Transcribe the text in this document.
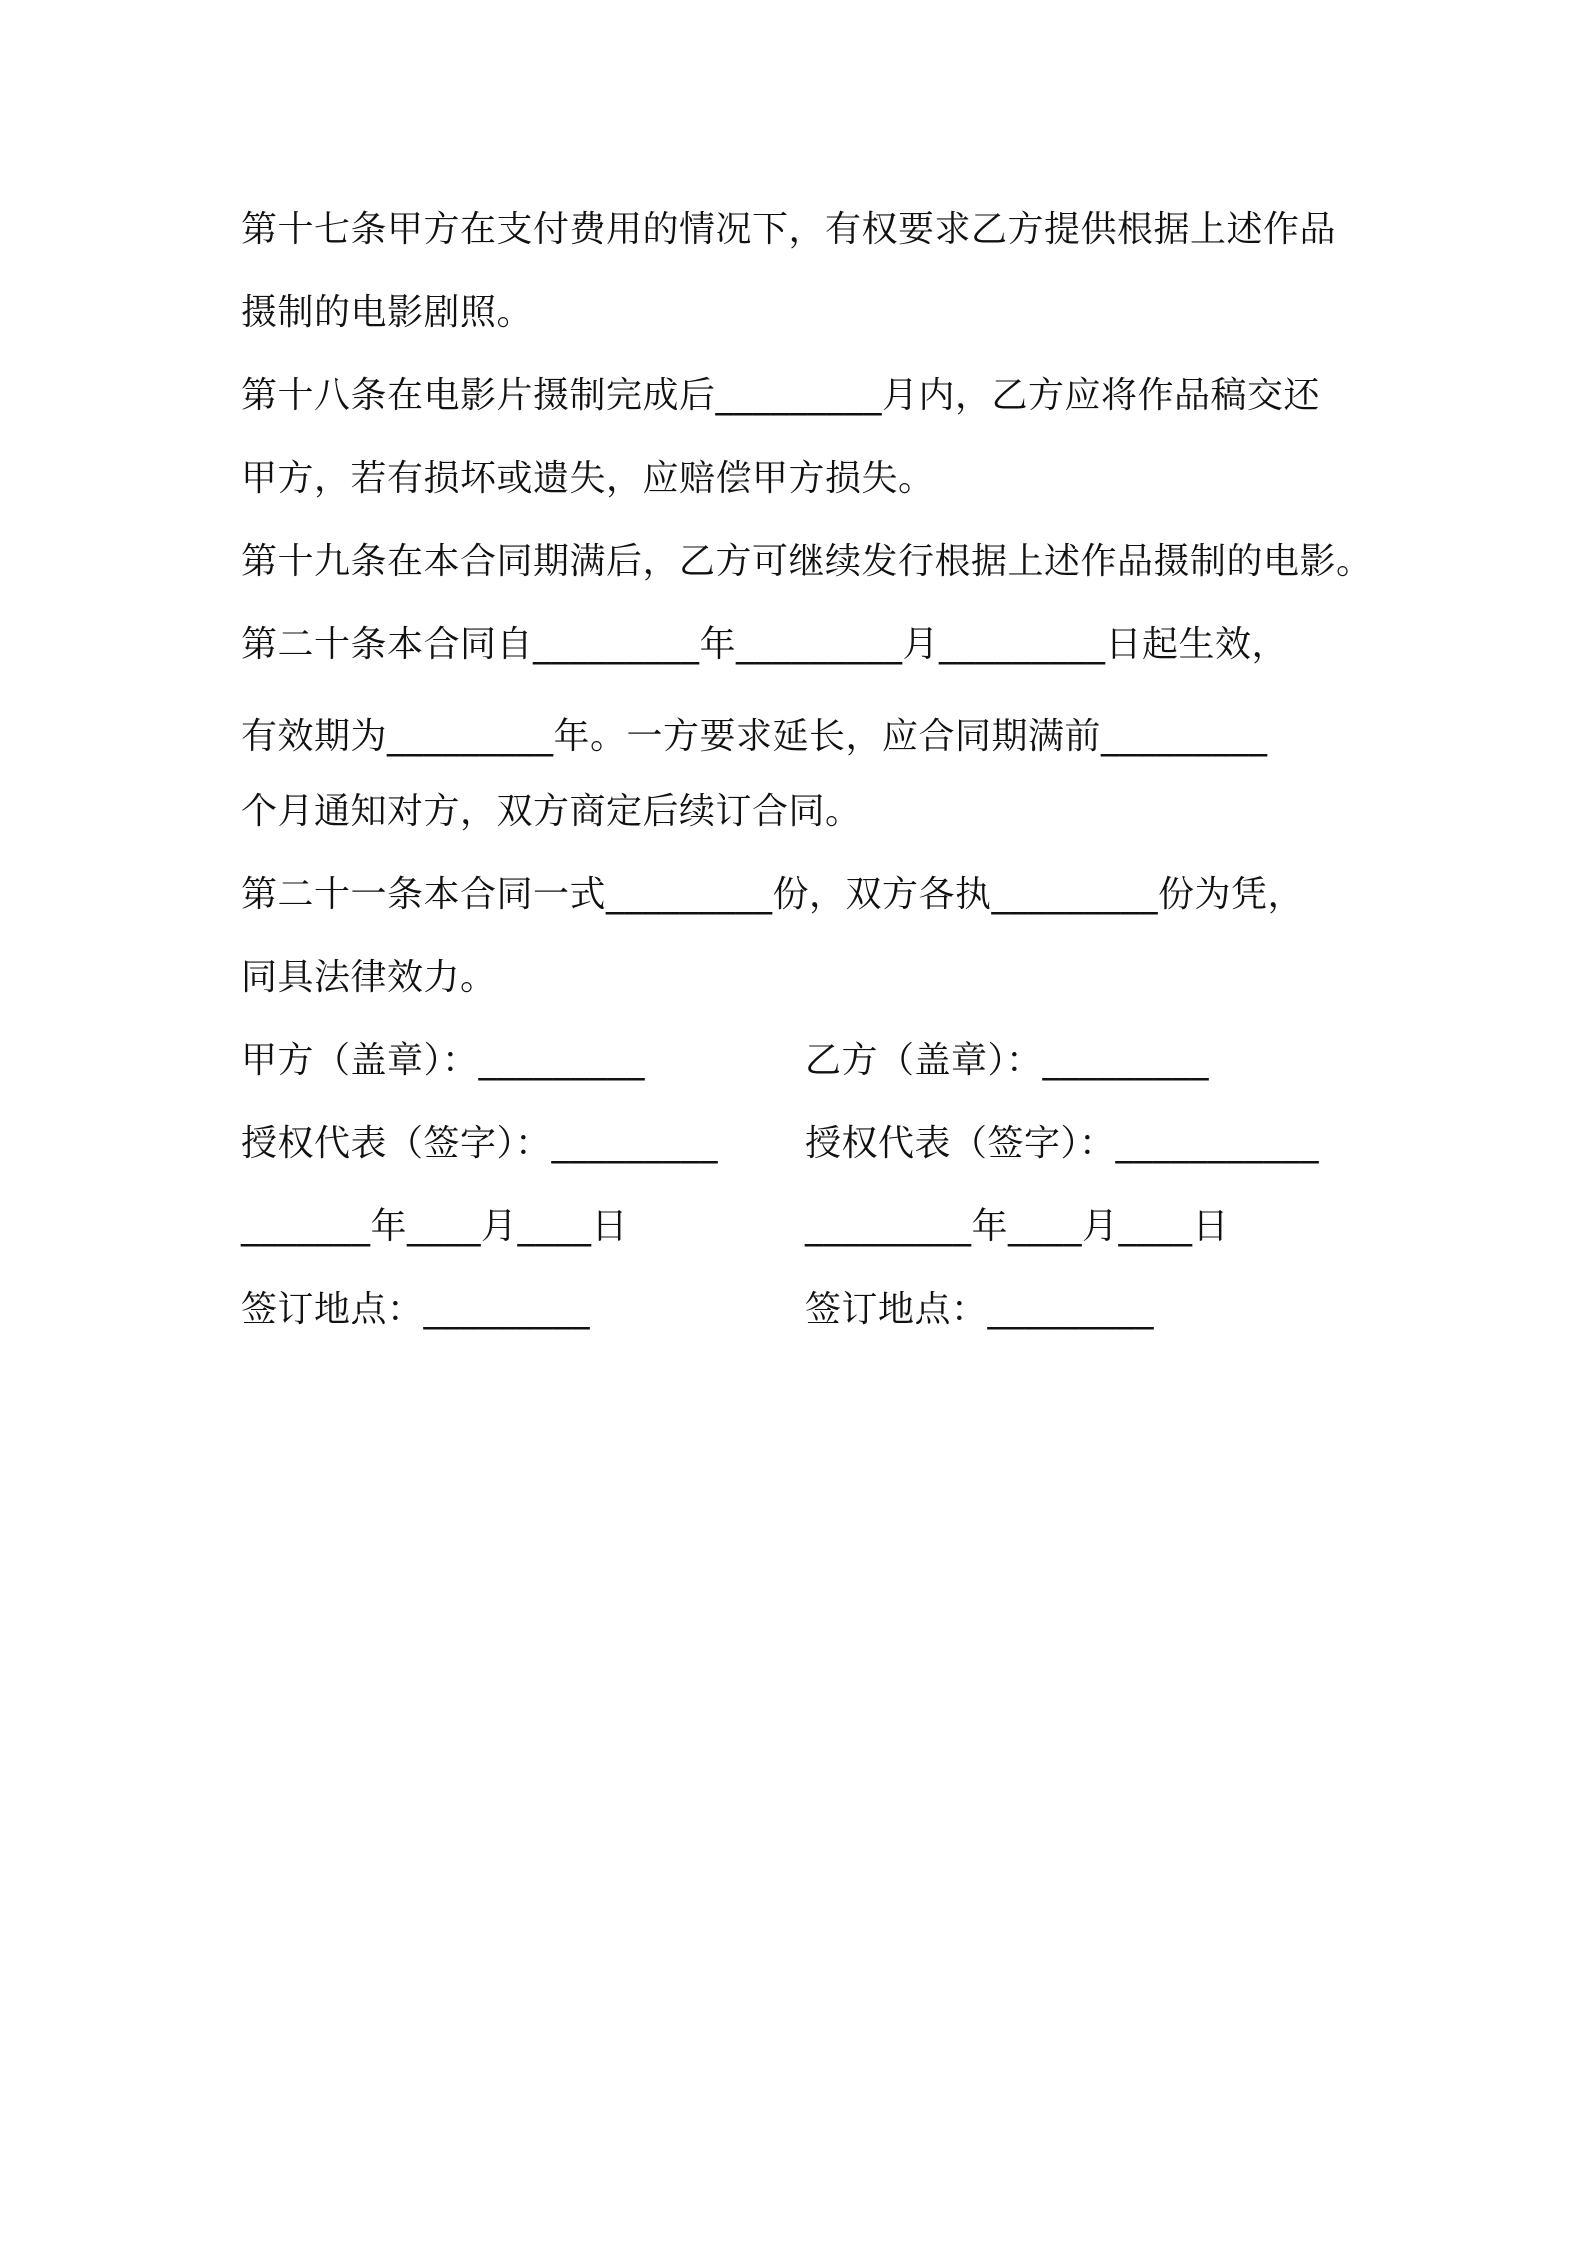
第十七条甲方在支付费用的情况下，有权要求乙方提供根据上述作品
摄制的电影剧照。
第十八条在电影片摄制完成后_________月内，乙方应将作品稿交还
甲方，若有损坏或遗失，应赔偿甲方损失。
第十九条在本合同期满后，乙方可继续发行根据上述作品摄制的电影。
第二十条本合同自_________年_________月_________日起生效，
有效期为_________年。一方要求延长，应合同期满前_________
个月通知对方，双方商定后续订合同。
第二十一条本合同一式_________份，双方各执_________份为凭，
同具法律效力。
甲方（盖章）：_________	乙方（盖章）：_________
授权代表（签字）：_________ 授权代表（签字）：___________
_______年____月____日	_________年____月____日
签订地点：_________	签订地点：_________
